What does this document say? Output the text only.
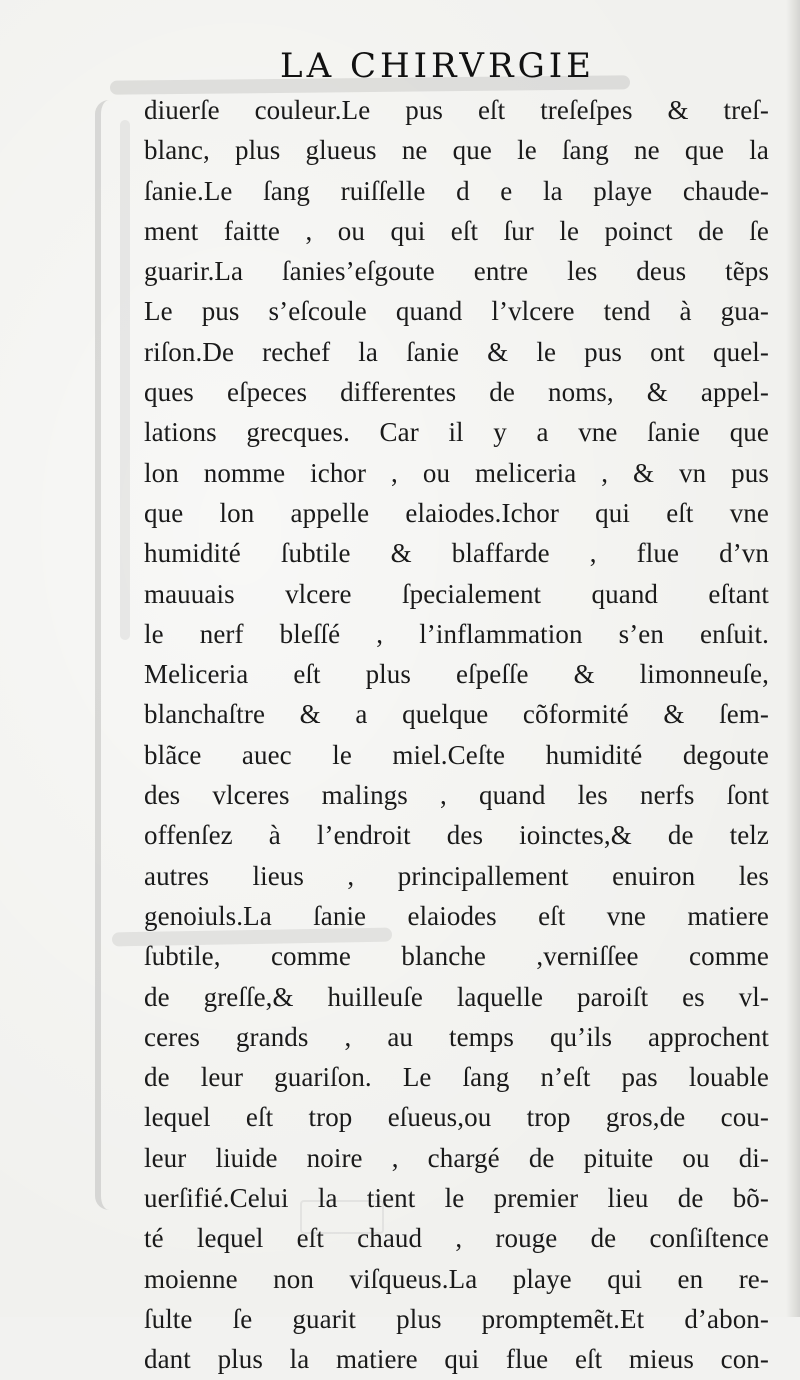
LA CHIRVRGIE
diuerſe couleur.Le pus eſt treſeſpes & treſ-
blanc, plus glueus ne que le ſang ne que la
ſanie.Le ſang ruiſſelle d e la playe chaude-
ment faitte , ou qui eſt ſur le poinct de ſe
guarir.La ſanies’eſgoute entre les deus tẽps
Le pus s’eſcoule quand l’vlcere tend à gua-
riſon.De rechef la ſanie & le pus ont quel-
ques eſpeces differentes de noms, & appel-
lations grecques. Car il y a vne ſanie que
lon nomme ichor , ou meliceria , & vn pus
que lon appelle elaiodes.Ichor qui eſt vne
humidité ſubtile & blaffarde , flue d’vn
mauuais vlcere ſpecialement quand eſtant
le nerf bleſſé , l’inflammation s’en enſuit.
Meliceria eſt plus eſpeſſe & limonneuſe,
blanchaſtre & a quelque cõformité & ſem-
blãce auec le miel.Ceſte humidité degoute
des vlceres malings , quand les nerfs ſont
offenſez à l’endroit des ioinctes,& de telz
autres lieus , principallement enuiron les
genoiuls.La ſanie elaiodes eſt vne matiere
ſubtile, comme blanche ,verniſſee comme
de greſſe,& huilleuſe laquelle paroiſt es vl-
ceres grands , au temps qu’ils approchent
de leur guariſon. Le ſang n’eſt pas louable
lequel eſt trop eſueus,ou trop gros,de cou-
leur liuide noire , chargé de pituite ou di-
uerſifié.Celui la tient le premier lieu de bõ-
té lequel eſt chaud , rouge de conſiſtence
moienne non viſqueus.La playe qui en re-
ſulte ſe guarit plus promptemẽt.Et d’abon-
dant plus la matiere qui flue eſt mieus con-
